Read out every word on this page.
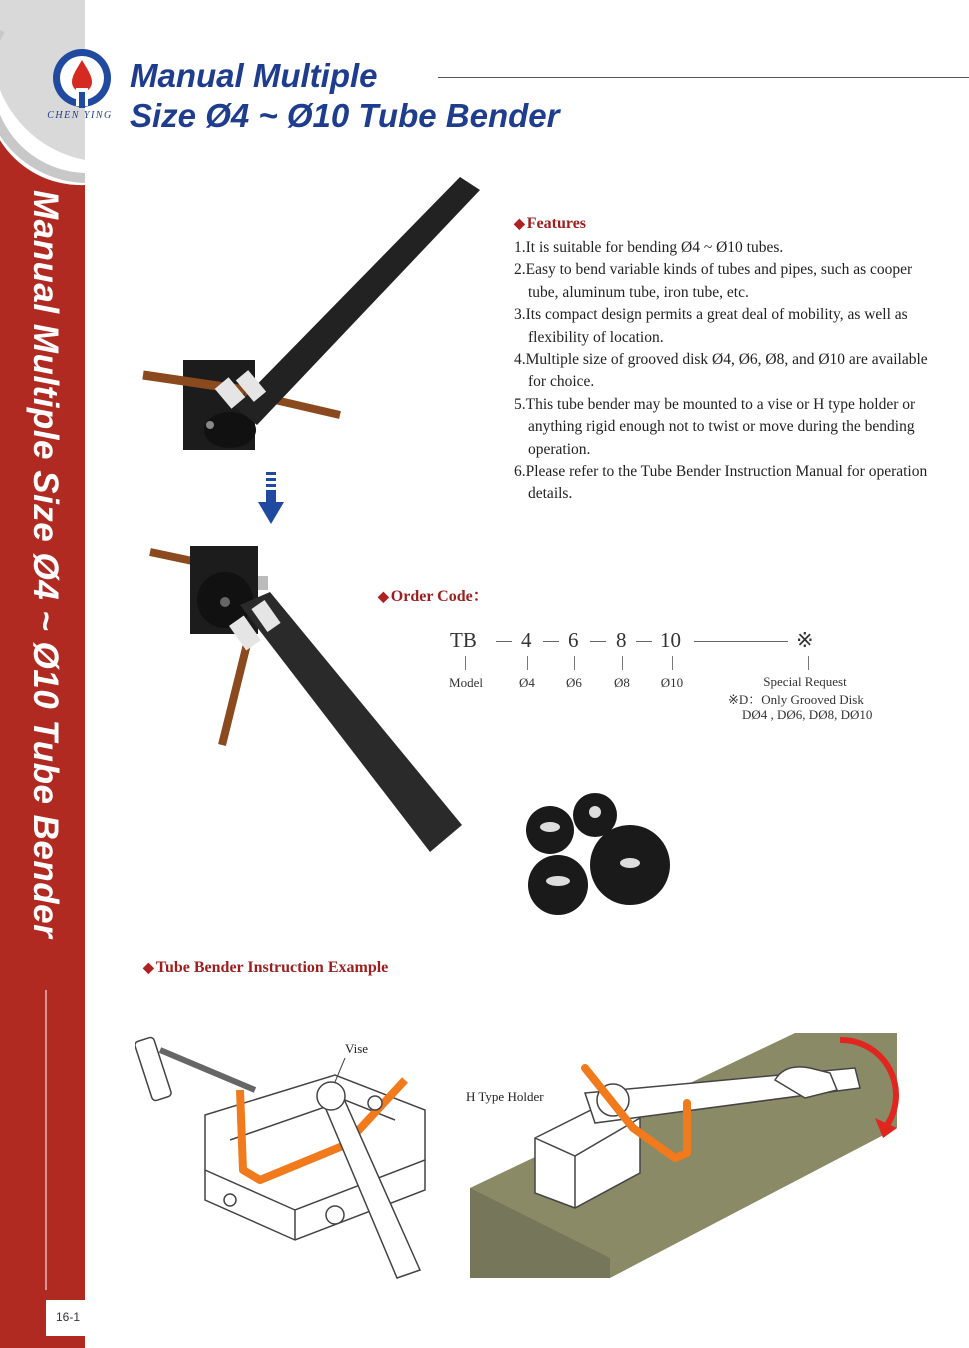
Manual Multiple Size Ø4 ~ Ø10 Tube Bender
16-1
CHEN YING
Manual Multiple
Size Ø4 ~ Ø10 Tube Bender
◆ Features
1.It is suitable for bending Ø4 ~ Ø10 tubes.
2.Easy to bend variable kinds of tubes and pipes, such as cooper tube, aluminum tube, iron tube, etc.
3.Its compact design permits a great deal of mobility, as well as flexibility of location.
4.Multiple size of grooved disk Ø4, Ø6, Ø8, and Ø10 are available for choice.
5.This tube bender may be mounted to a vise or H type holder or anything rigid enough not to twist or move during the bending operation.
6.Please refer to the Tube Bender Instruction Manual for operation details.
◆ Order Code：
TB 4 6 8 10	※
Model	Ø4	Ø6	Ø8	Ø10	Special Request
※D：Only Grooved Disk
DØ4 , DØ6, DØ8, DØ10
◆ Tube Bender Instruction Example
Vise
H Type Holder
